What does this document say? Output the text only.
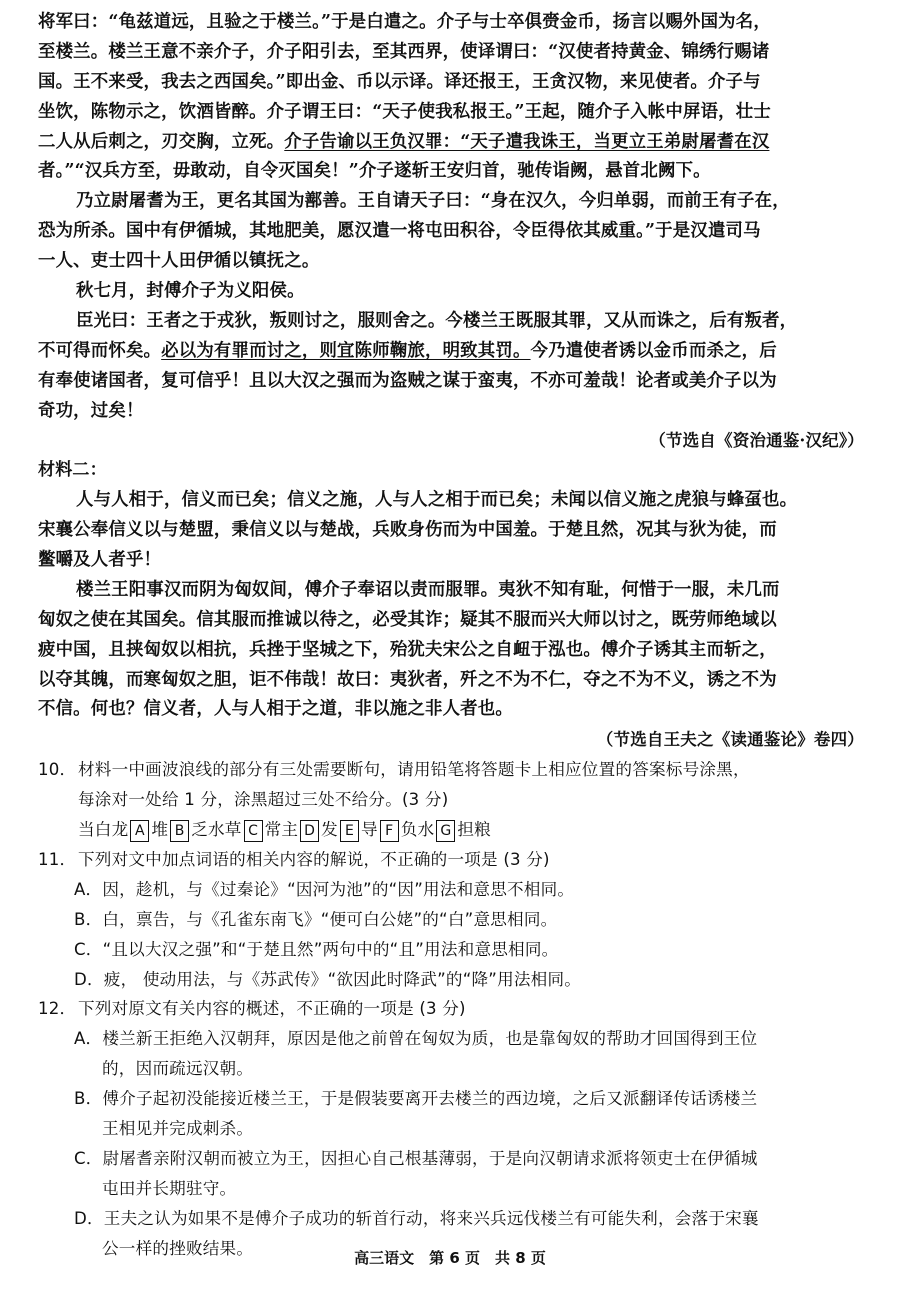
将军曰：“龟兹道远，且验之于楼兰。”于是白遣之。介子与士卒俱赍金币，扬言以赐外国为名，
至楼兰。楼兰王意不亲介子，介子阳引去，至其西界，使译谓曰：“汉使者持黄金、锦绣行赐诸
国。王不来受，我去之西国矣。”即出金、币以示译。译还报王，王贪汉物，来见使者。介子与
坐饮，陈物示之，饮酒皆醉。介子谓王曰：“天子使我私报王。”王起，随介子入帐中屏语，壮士
二人从后刺之，刃交胸，立死。介子告谕以王负汉罪：“天子遣我诛王，当更立王弟尉屠耆在汉
者。”“汉兵方至，毋敢动，自令灭国矣！”介子遂斩王安归首，驰传诣阙，悬首北阙下。
乃立尉屠耆为王，更名其国为鄯善。王自请天子曰：“身在汉久，今归单弱，而前王有子在，
恐为所杀。国中有伊循城，其地肥美，愿汉遣一将屯田积谷，令臣得依其威重。”于是汉遣司马
一人、吏士四十人田伊循以镇抚之。
秋七月，封傅介子为义阳侯。
臣光曰：王者之于戎狄，叛则讨之，服则舍之。今楼兰王既服其罪，又从而诛之，后有叛者，
不可得而怀矣。必以为有罪而讨之，则宜陈师鞠旅，明致其罚。今乃遣使者诱以金币而杀之，后
有奉使诸国者，复可信乎！且以大汉之强而为盗贼之谋于蛮夷，不亦可羞哉！论者或美介子以为
奇功，过矣！
（节选自《资治通鉴·汉纪》）
材料二：
人与人相于，信义而已矣；信义之施，人与人之相于而已矣；未闻以信义施之虎狼与蜂虿也。
宋襄公奉信义以与楚盟，秉信义以与楚战，兵败身伤而为中国羞。于楚且然，况其与狄为徒，而
鳖嚼及人者乎！
楼兰王阳事汉而阴为匈奴间，傅介子奉诏以责而服罪。夷狄不知有耻，何惜于一服，未几而
匈奴之使在其国矣。信其服而推诚以待之，必受其诈；疑其不服而兴大师以讨之，既劳师绝域以
疲中国，且挟匈奴以相抗，兵挫于坚城之下，殆犹夫宋公之自衄于泓也。傅介子诱其主而斩之，
以夺其魄，而寒匈奴之胆，讵不伟哉！故曰：夷狄者，歼之不为不仁，夺之不为不义，诱之不为
不信。何也？信义者，人与人相于之道，非以施之非人者也。
（节选自王夫之《读通鉴论》卷四）
10． 材料一中画波浪线的部分有三处需要断句，请用铅笔将答题卡上相应位置的答案标号涂黑，
每涂对一处给 1 分，涂黑超过三处不给分。(3 分)
当白龙 A 堆 B 乏水草 C 常主 D 发 E 导 F 负水 G 担粮
11． 下列对文中加点词语的相关内容的解说，不正确的一项是 (3 分)
A．因，趁机，与《过秦论》“因河为池”的“因”用法和意思不相同。
B．白，禀告，与《孔雀东南飞》“便可白公姥”的“白”意思相同。
C．“且以大汉之强”和“于楚且然”两句中的“且”用法和意思相同。
D．疲， 使动用法，与《苏武传》“欲因此时降武”的“降”用法相同。
12． 下列对原文有关内容的概述，不正确的一项是 (3 分)
A．楼兰新王拒绝入汉朝拜，原因是他之前曾在匈奴为质，也是靠匈奴的帮助才回国得到王位
的，因而疏远汉朝。
B．傅介子起初没能接近楼兰王，于是假装要离开去楼兰的西边境，之后又派翻译传话诱楼兰
王相见并完成刺杀。
C．尉屠耆亲附汉朝而被立为王，因担心自己根基薄弱，于是向汉朝请求派将领吏士在伊循城
屯田并长期驻守。
D．王夫之认为如果不是傅介子成功的斩首行动，将来兴兵远伐楼兰有可能失利，会落于宋襄
公一样的挫败结果。
高三语文　第 6 页　共 8 页
